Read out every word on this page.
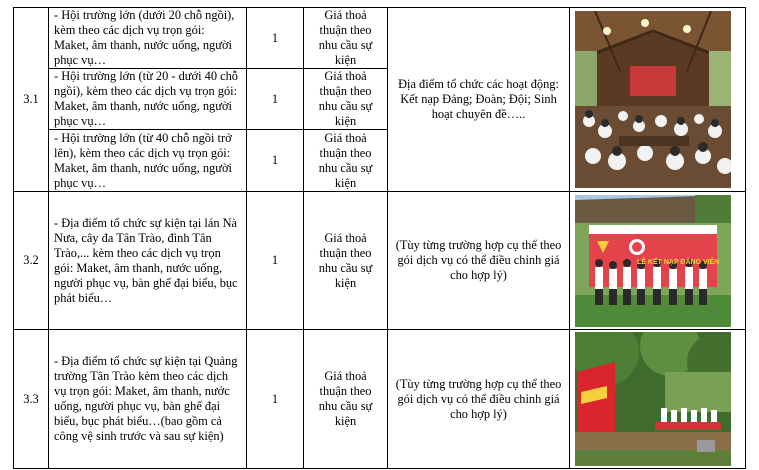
3.1	- Hội trường lớn (dưới 20 chỗ ngồi), kèm theo các dịch vụ trọn gói: Maket, âm thanh, nước uống, người phục vụ…	1	Giá thoả thuận theo nhu cầu sự kiện	Địa điểm tổ chức các hoạt động: Kết nạp Đảng; Đoàn; Đội; Sinh hoạt chuyên đề…..

	- Hội trường lớn (từ 20 - dưới 40 chỗ ngồi), kèm theo các dịch vụ trọn gói: Maket, âm thanh, nước uống, người phục vụ…	1	Giá thoả thuận theo nhu cầu sự kiện		

	- Hội trường lớn (từ 40 chỗ ngồi trở lên), kèm theo các dịch vụ trọn gói: Maket, âm thanh, nước uống, người phục vụ…	1	Giá thoả thuận theo nhu cầu sự kiện		

3.2	- Địa điểm tổ chức sự kiện tại lán Nà Nưa, cây đa Tân Trào, đình Tân Trào,... kèm theo các dịch vụ trọn gói: Maket, âm thanh, nước uống, người phục vụ, bàn ghế đại biểu, bục phát biểu…	1	Giá thoả thuận theo nhu cầu sự kiện	(Tùy từng trường hợp cụ thể theo gói dịch vụ có thể điều chỉnh giá cho hợp lý)	LỄ KẾT NẠP ĐẢNG VIÊN

3.3	- Địa điểm tổ chức sự kiện tại Quảng trường Tân Trào kèm theo các dịch vụ trọn gói: Maket, âm thanh, nước uống, người phục vụ, bàn ghế đại biểu, bục phát biểu…(bao gồm cả công vệ sinh trước và sau sự kiện)	1	Giá thoả thuận theo nhu cầu sự kiện	(Tùy từng trường hợp cụ thể theo gói dịch vụ có thể điều chỉnh giá cho hợp lý)
